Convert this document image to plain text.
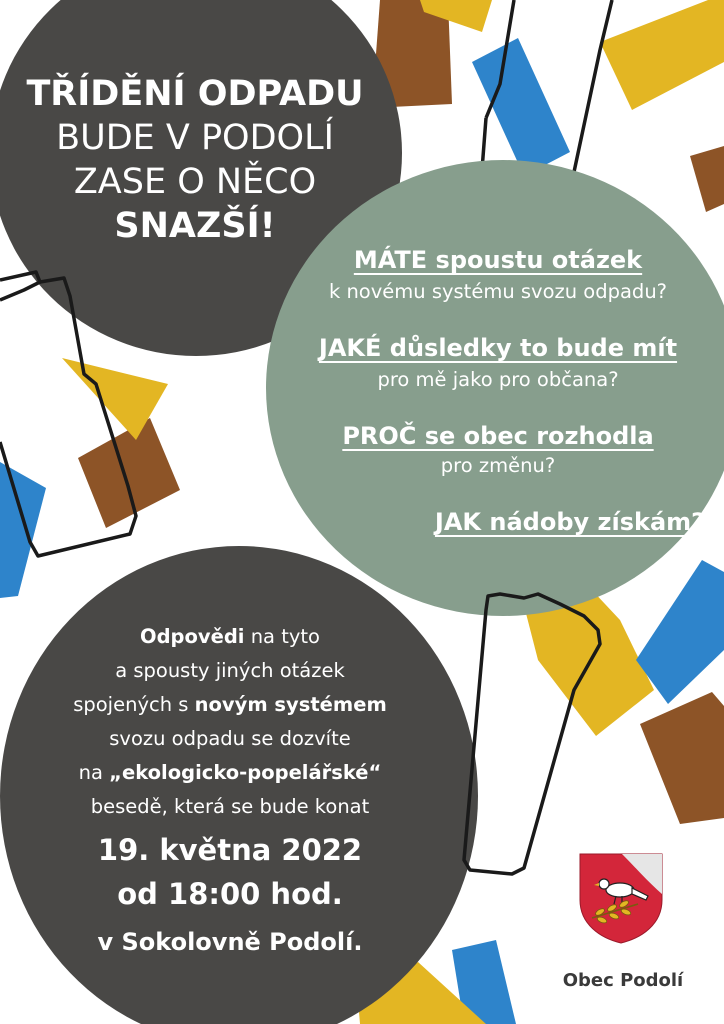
TŘÍDĚNÍ ODPADU
BUDE V PODOLÍ
ZASE O NĚCO
SNAZŠÍ!
MÁTE spoustu otázek
k novému systému svozu odpadu?
JAKÉ důsledky to bude mít
pro mě jako pro občana?
PROČ se obec rozhodla
pro změnu?
JAK nádoby získám?
Odpovědi na tyto
a spousty jiných otázek
spojených s novým systémem
svozu odpadu se dozvíte
na „ekologicko-popelářské“
besedě, která se bude konat
19. května 2022
od 18:00 hod.
v Sokolovně Podolí.
Obec Podolí
